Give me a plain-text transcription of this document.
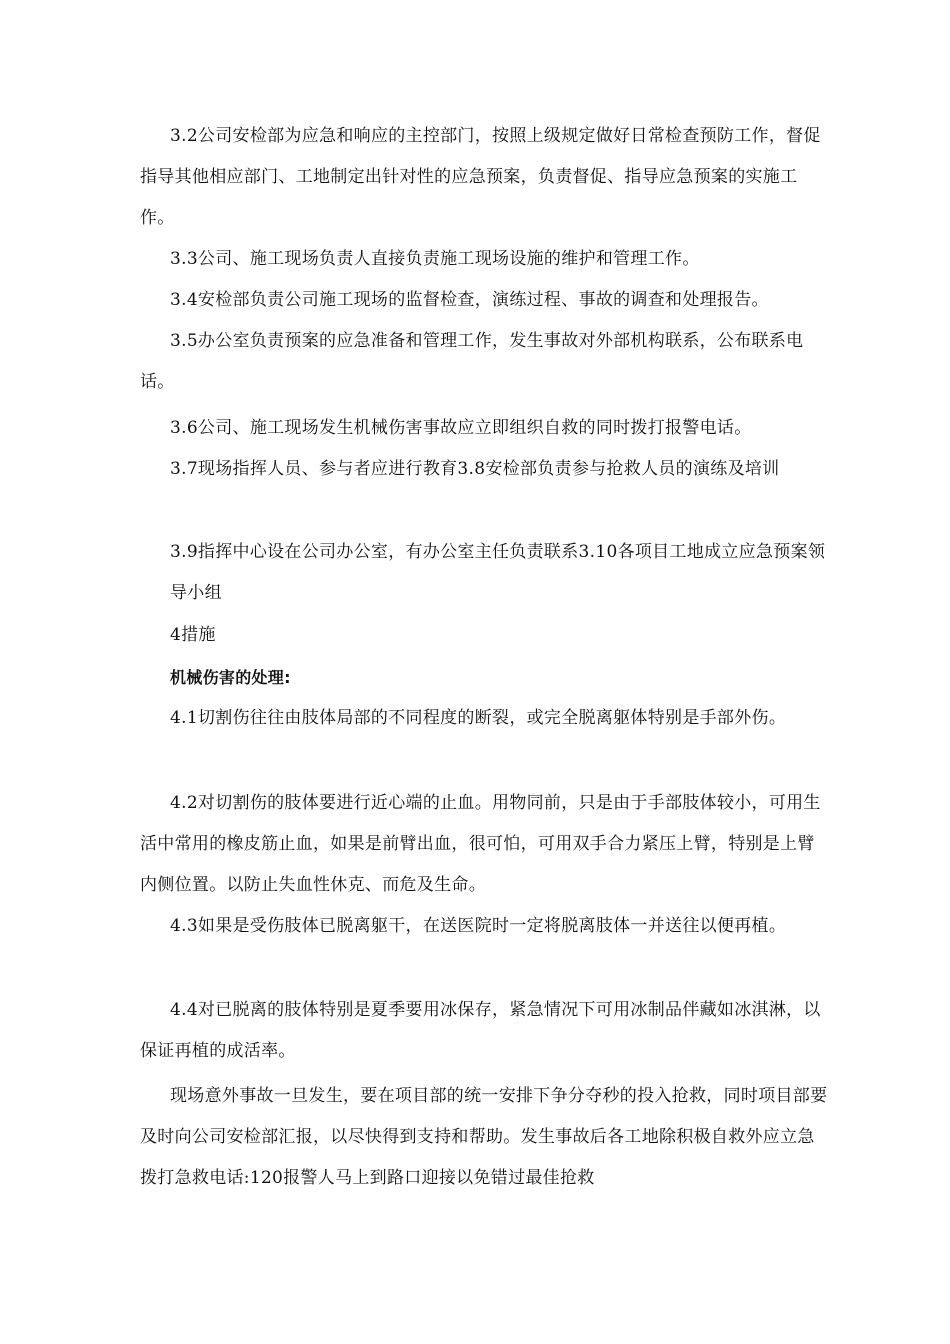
3.2公司安检部为应急和响应的主控部门，按照上级规定做好日常检查预防工作，督促指导其他相应部门、工地制定出针对性的应急预案，负责督促、指导应急预案的实施工作。

3.3公司、施工现场负责人直接负责施工现场设施的维护和管理工作。

3.4安检部负责公司施工现场的监督检查，演练过程、事故的调查和处理报告。

3.5办公室负责预案的应急准备和管理工作，发生事故对外部机构联系，公布联系电话。

3.6公司、施工现场发生机械伤害事故应立即组织自救的同时拨打报警电话。

3.7现场指挥人员、参与者应进行教育3.8安检部负责参与抢救人员的演练及培训

3.9指挥中心设在公司办公室，有办公室主任负责联系3.10各项目工地成立应急预案领导小组

4措施

机械伤害的处理:

4.1切割伤往往由肢体局部的不同程度的断裂，或完全脱离躯体特别是手部外伤。

4.2对切割伤的肢体要进行近心端的止血。用物同前，只是由于手部肢体较小，可用生活中常用的橡皮筋止血，如果是前臂出血，很可怕，可用双手合力紧压上臂，特别是上臂内侧位置。以防止失血性休克、而危及生命。

4.3如果是受伤肢体已脱离躯干，在送医院时一定将脱离肢体一并送往以便再植。

4.4对已脱离的肢体特别是夏季要用冰保存，紧急情况下可用冰制品伴藏如冰淇淋，以保证再植的成活率。

现场意外事故一旦发生，要在项目部的统一安排下争分夺秒的投入抢救，同时项目部要及时向公司安检部汇报，以尽快得到支持和帮助。发生事故后各工地除积极自救外应立急拨打急救电话:120报警人马上到路口迎接以免错过最佳抢救
